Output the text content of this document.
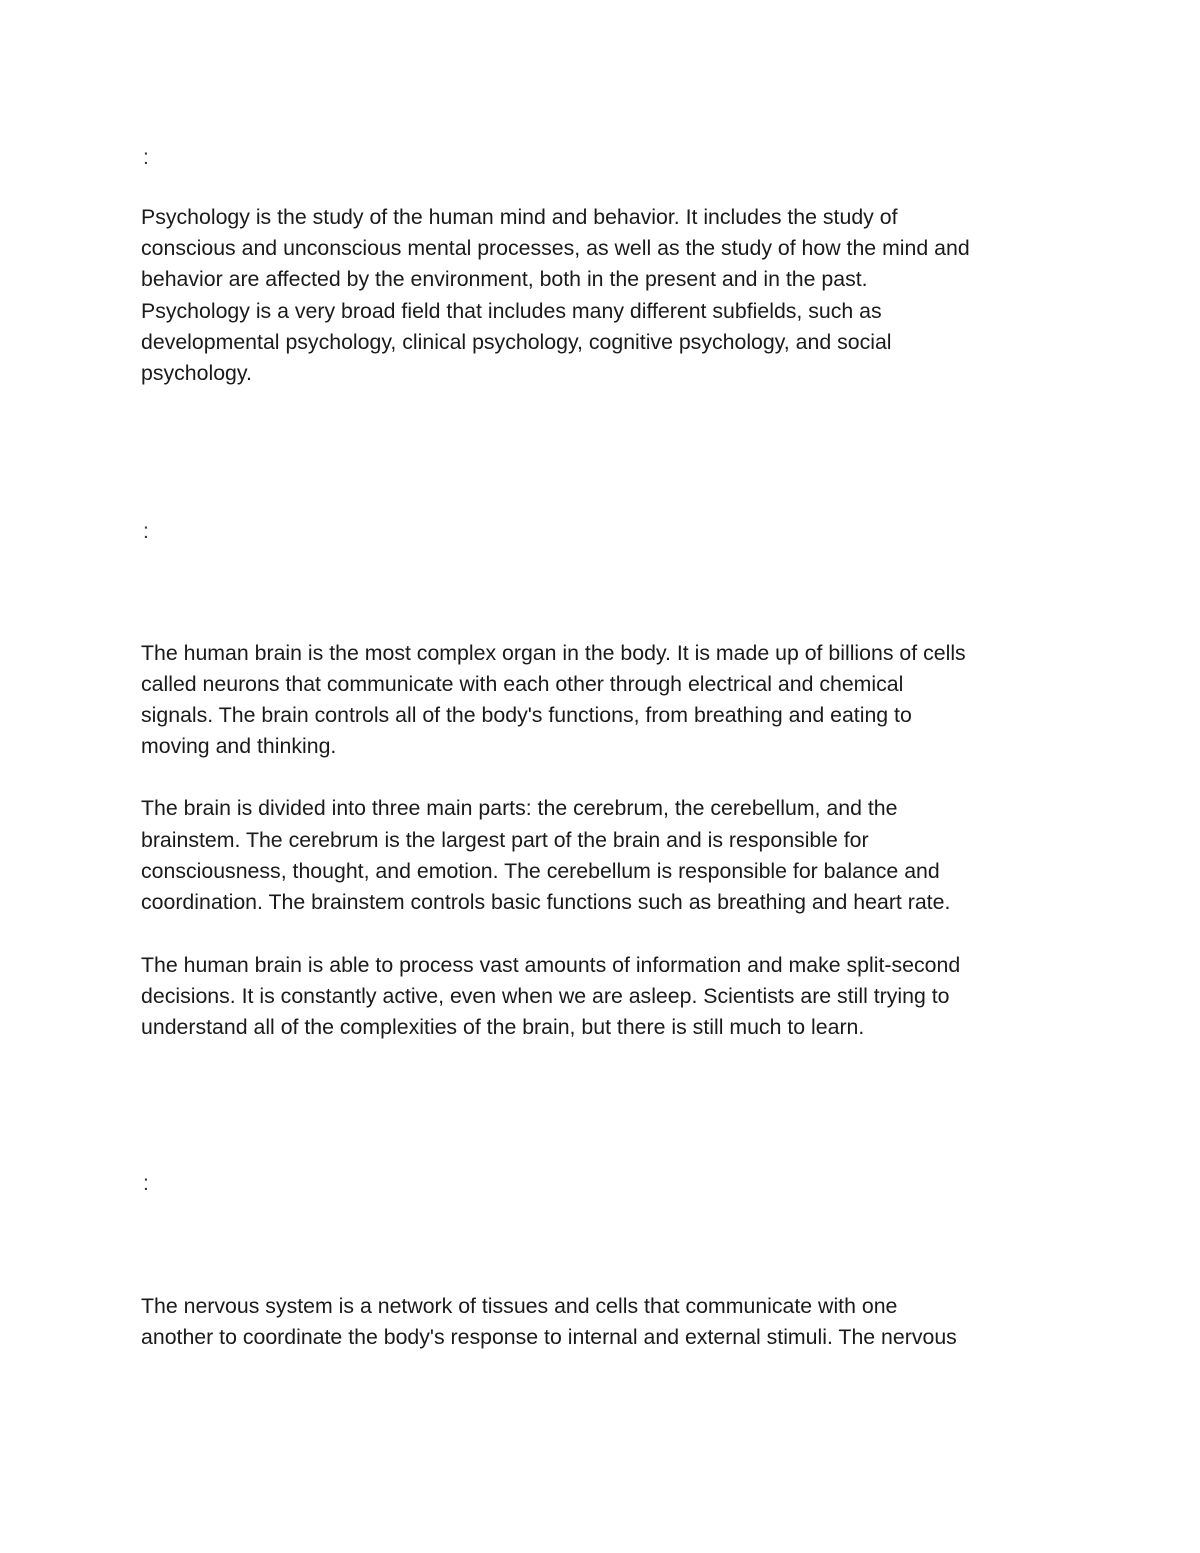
:

Psychology is the study of the human mind and behavior. It includes the study of

conscious and unconscious mental processes, as well as the study of how the mind and

behavior are affected by the environment, both in the present and in the past.

Psychology is a very broad field that includes many different subfields, such as

developmental psychology, clinical psychology, cognitive psychology, and social

psychology.

:

The human brain is the most complex organ in the body. It is made up of billions of cells

called neurons that communicate with each other through electrical and chemical

signals. The brain controls all of the body's functions, from breathing and eating to

moving and thinking.

The brain is divided into three main parts: the cerebrum, the cerebellum, and the

brainstem. The cerebrum is the largest part of the brain and is responsible for

consciousness, thought, and emotion. The cerebellum is responsible for balance and

coordination. The brainstem controls basic functions such as breathing and heart rate.

The human brain is able to process vast amounts of information and make split-second

decisions. It is constantly active, even when we are asleep. Scientists are still trying to

understand all of the complexities of the brain, but there is still much to learn.

:

The nervous system is a network of tissues and cells that communicate with one

another to coordinate the body's response to internal and external stimuli. The nervous
